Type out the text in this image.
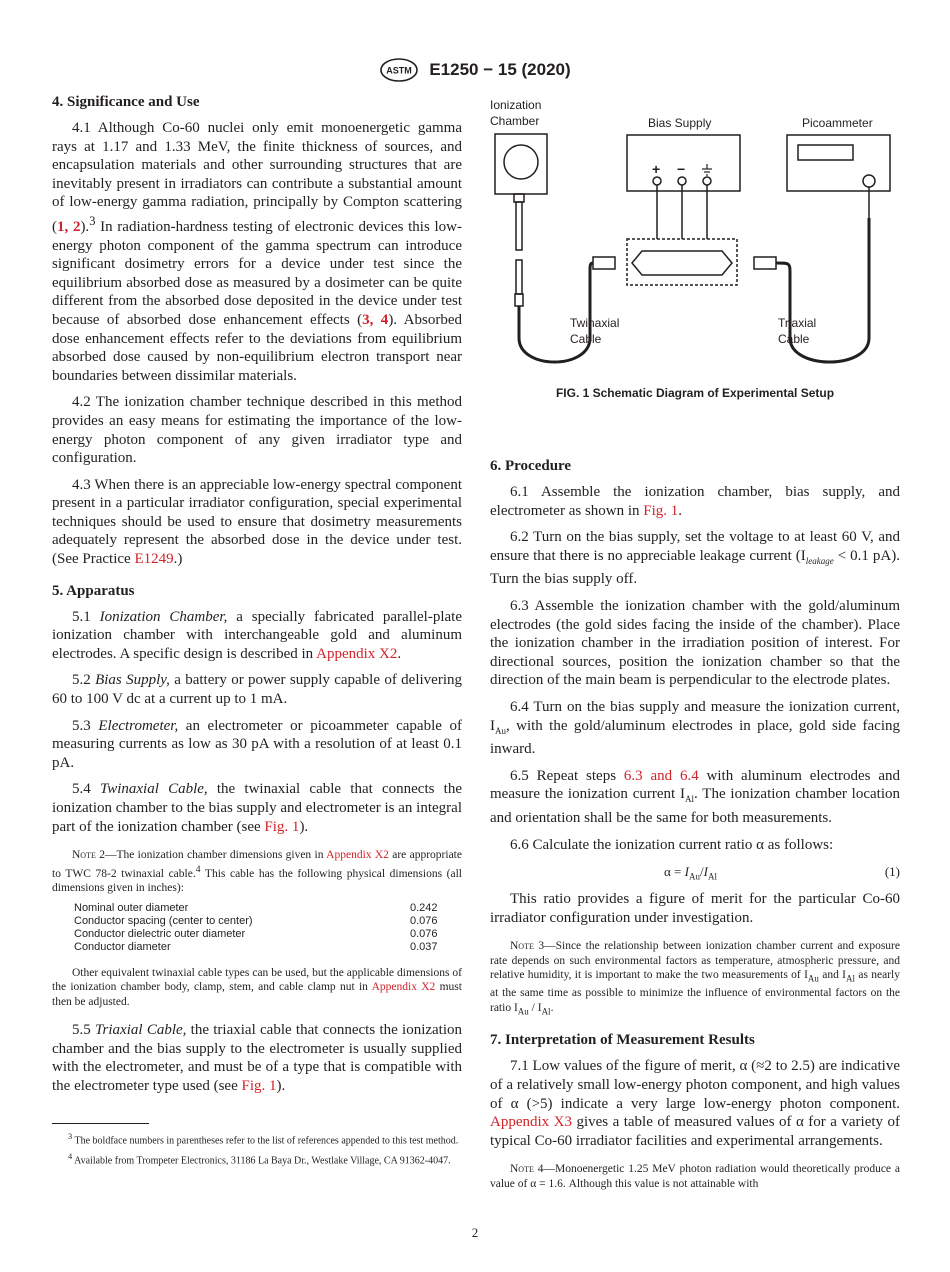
ASTM E1250 − 15 (2020)
4. Significance and Use

4.1 Although Co-60 nuclei only emit monoenergetic gamma rays at 1.17 and 1.33 MeV, the finite thickness of sources, and encapsulation materials and other surrounding structures that are inevitably present in irradiators can contribute a substantial amount of low-energy gamma radiation, principally by Compton scattering (1, 2).$^3$ In radiation-hardness testing of electronic devices this low-energy photon component of the gamma spectrum can introduce significant dosimetry errors for a device under test since the equilibrium absorbed dose as measured by a dosimeter can be quite different from the absorbed dose deposited in the device under test because of absorbed dose enhancement effects (3, 4). Absorbed dose enhancement effects refer to the deviations from equilibrium absorbed dose caused by non-equilibrium electron transport near boundaries between dissimilar materials.

4.2 The ionization chamber technique described in this method provides an easy means for estimating the importance of the low-energy photon component of any given irradiator type and configuration.

4.3 When there is an appreciable low-energy spectral component present in a particular irradiator configuration, special experimental techniques should be used to ensure that dosimetry measurements adequately represent the absorbed dose in the device under test. (See Practice E1249.)

5. Apparatus

5.1 Ionization Chamber, a specially fabricated parallel-plate ionization chamber with interchangeable gold and aluminum electrodes. A specific design is described in Appendix X2.

5.2 Bias Supply, a battery or power supply capable of delivering 60 to 100 V dc at a current up to 1 mA.

5.3 Electrometer, an electrometer or picoammeter capable of measuring currents as low as 30 pA with a resolution of at least 0.1 pA.

5.4 Twinaxial Cable, the twinaxial cable that connects the ionization chamber to the bias supply and electrometer is an integral part of the ionization chamber (see Fig. 1).

Note 2—The ionization chamber dimensions given in Appendix X2 are appropriate to TWC 78-2 twinaxial cable.$^4$ This cable has the following physical dimensions (all dimensions given in inches):

Nominal outer diameter	0.242
Conductor spacing (center to center)	0.076
Conductor dielectric outer diameter	0.076
Conductor diameter	0.037

Other equivalent twinaxial cable types can be used, but the applicable dimensions of the ionization chamber body, clamp, stem, and cable clamp nut in Appendix X2 must then be adjusted.

5.5 Triaxial Cable, the triaxial cable that connects the ionization chamber and the bias supply to the electrometer is usually supplied with the electrometer, and must be of a type that is compatible with the electrometer type used (see Fig. 1).

$^3$ The boldface numbers in parentheses refer to the list of references appended to this test method.

$^4$ Available from Trompeter Electronics, 31186 La Baya Dr., Westlake Village, CA 91362-4047.

Ionization
Chamber	Bias Supply	Picoammeter
Twinaxial
Cable
Triaxial
Cable
+ −
FIG. 1 Schematic Diagram of Experimental Setup
6. Procedure

6.1 Assemble the ionization chamber, bias supply, and electrometer as shown in Fig. 1.

6.2 Turn on the bias supply, set the voltage to at least 60 V, and ensure that there is no appreciable leakage current ($I_{leakage} < 0.1$ pA). Turn the bias supply off.

6.3 Assemble the ionization chamber with the gold/aluminum electrodes (the gold sides facing the inside of the chamber). Place the ionization chamber in the irradiation position of interest. For directional sources, position the ionization chamber so that the direction of the main beam is perpendicular to the electrode plates.

6.4 Turn on the bias supply and measure the ionization current, $I_{Au}$, with the gold/aluminum electrodes in place, gold side facing inward.

6.5 Repeat steps 6.3 and 6.4 with aluminum electrodes and measure the ionization current $I_{Al}$. The ionization chamber location and orientation shall be the same for both measurements.

6.6 Calculate the ionization current ratio α as follows:

$\alpha = I_{Au}/I_{Al}$	(1)

This ratio provides a figure of merit for the particular Co-60 irradiator configuration under investigation.

Note 3—Since the relationship between ionization chamber current and exposure rate depends on such environmental factors as temperature, atmospheric pressure, and relative humidity, it is important to make the two measurements of $I_{Au}$ and $I_{Al}$ as nearly at the same time as possible to minimize the influence of environmental factors on the ratio $I_{Au} / I_{Al}$.

7. Interpretation of Measurement Results

7.1 Low values of the figure of merit, α (≈2 to 2.5) are indicative of a relatively small low-energy photon component, and high values of α (>5) indicate a very large low-energy photon component. Appendix X3 gives a table of measured values of α for a variety of typical Co-60 irradiator facilities and experimental arrangements.

Note 4—Monoenergetic 1.25 MeV photon radiation would theoretically produce a value of α = 1.6. Although this value is not attainable with

2
